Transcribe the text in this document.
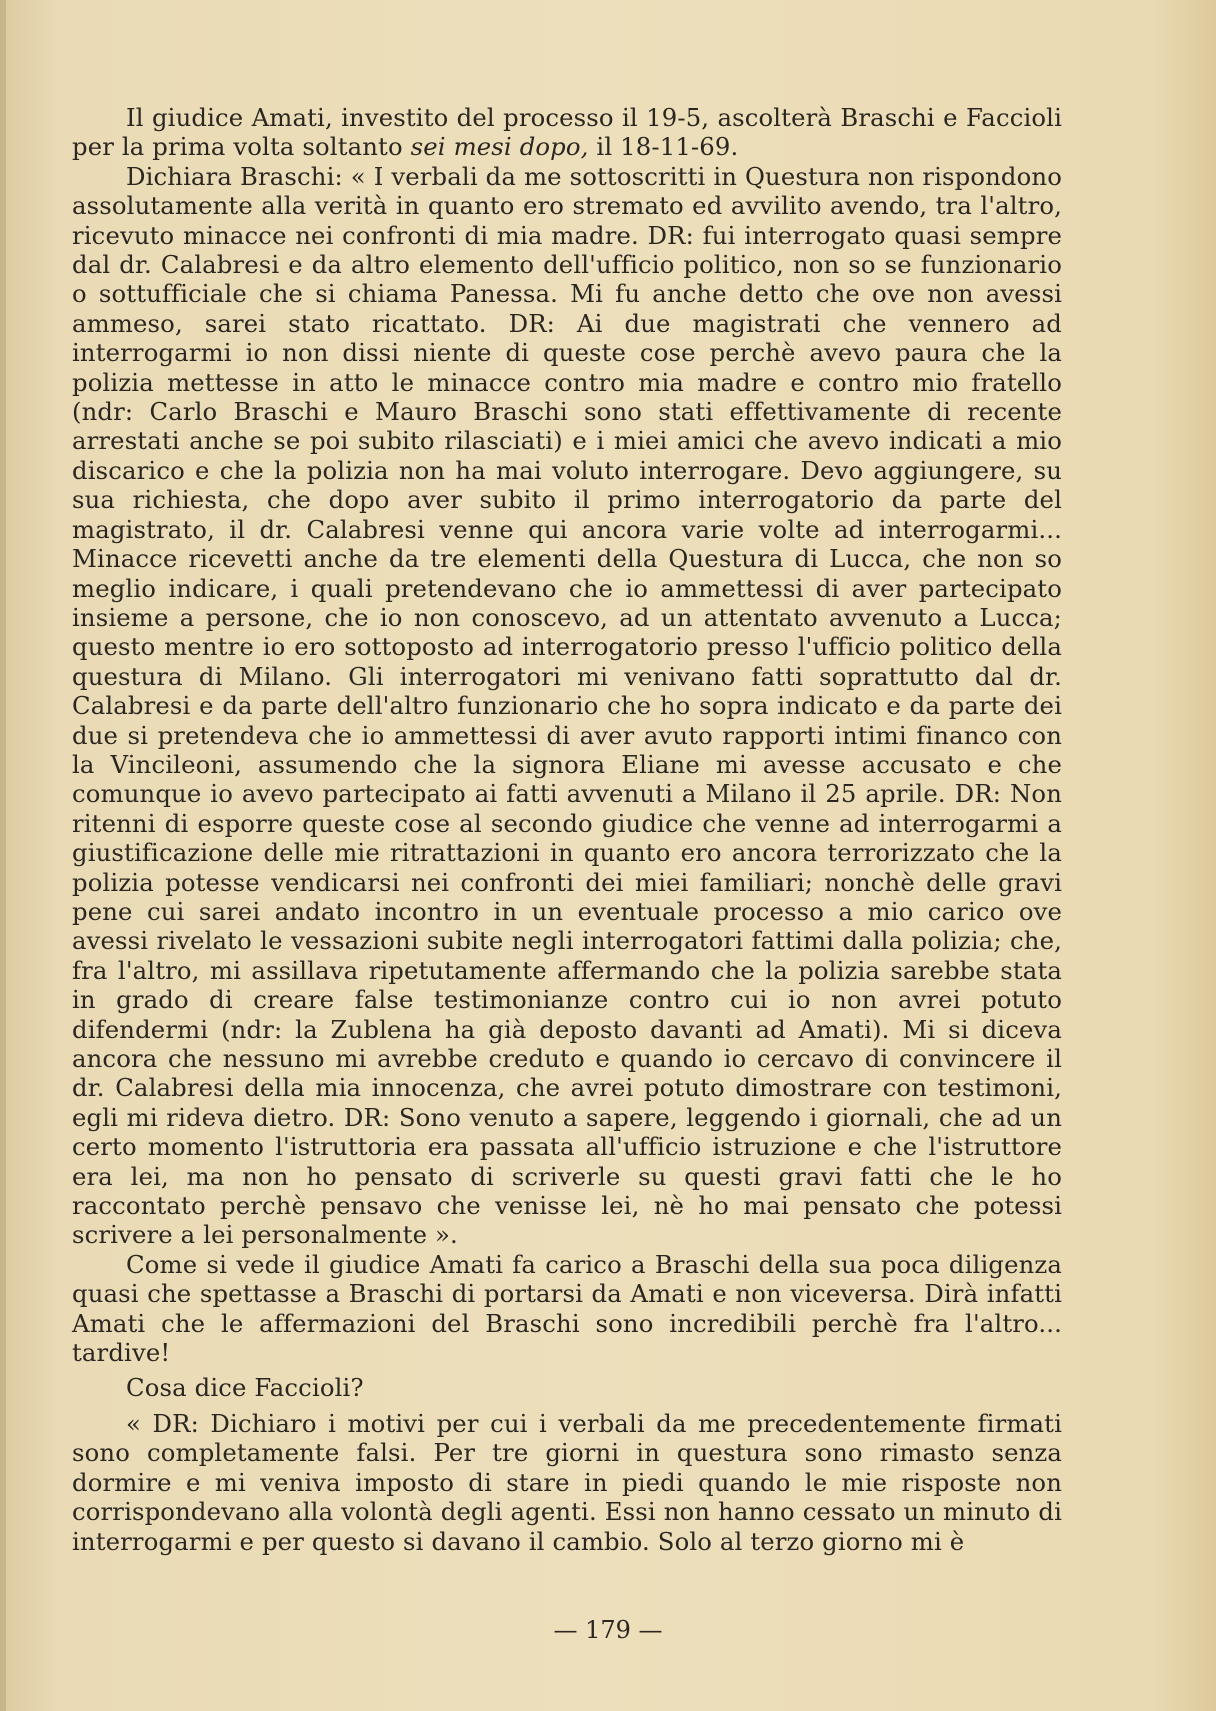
Il giudice Amati, investito del processo il 19-5, ascolterà Braschi e Faccioli per la prima volta soltanto sei mesi dopo, il 18-11-69.

Dichiara Braschi: « I verbali da me sottoscritti in Questura non rispondono assolutamente alla verità in quanto ero stremato ed avvilito avendo, tra l'altro, ricevuto minacce nei confronti di mia madre. DR: fui interrogato quasi sempre dal dr. Calabresi e da altro elemento dell'ufficio politico, non so se funzionario o sottufficiale che si chiama Panessa. Mi fu anche detto che ove non avessi ammeso, sarei stato ricattato. DR: Ai due magistrati che vennero ad interrogarmi io non dissi niente di queste cose perchè avevo paura che la polizia mettesse in atto le minacce contro mia madre e contro mio fratello (ndr: Carlo Braschi e Mauro Braschi sono stati effettivamente di recente arrestati anche se poi subito rilasciati) e i miei amici che avevo indicati a mio discarico e che la polizia non ha mai voluto interrogare. Devo aggiungere, su sua richiesta, che dopo aver subito il primo interrogatorio da parte del magistrato, il dr. Calabresi venne qui ancora varie volte ad interrogarmi... Minacce ricevetti anche da tre elementi della Questura di Lucca, che non so meglio indicare, i quali pretendevano che io ammettessi di aver partecipato insieme a persone, che io non conoscevo, ad un attentato avvenuto a Lucca; questo mentre io ero sottoposto ad interrogatorio presso l'ufficio politico della questura di Milano. Gli interrogatori mi venivano fatti soprattutto dal dr. Calabresi e da parte dell'altro funzionario che ho sopra indicato e da parte dei due si pretendeva che io ammettessi di aver avuto rapporti intimi financo con la Vincileoni, assumendo che la signora Eliane mi avesse accusato e che comunque io avevo partecipato ai fatti avvenuti a Milano il 25 aprile. DR: Non ritenni di esporre queste cose al secondo giudice che venne ad interrogarmi a giustificazione delle mie ritrattazioni in quanto ero ancora terrorizzato che la polizia potesse vendicarsi nei confronti dei miei familiari; nonchè delle gravi pene cui sarei andato incontro in un eventuale processo a mio carico ove avessi rivelato le vessazioni subite negli interrogatori fattimi dalla polizia; che, fra l'altro, mi assillava ripetutamente affermando che la polizia sarebbe stata in grado di creare false testimonianze contro cui io non avrei potuto difendermi (ndr: la Zublena ha già deposto davanti ad Amati). Mi si diceva ancora che nessuno mi avrebbe creduto e quando io cercavo di convincere il dr. Calabresi della mia innocenza, che avrei potuto dimostrare con testimoni, egli mi rideva dietro. DR: Sono venuto a sapere, leggendo i giornali, che ad un certo momento l'istruttoria era passata all'ufficio istruzione e che l'istruttore era lei, ma non ho pensato di scriverle su questi gravi fatti che le ho raccontato perchè pensavo che venisse lei, nè ho mai pensato che potessi scrivere a lei personalmente ».

Come si vede il giudice Amati fa carico a Braschi della sua poca diligenza quasi che spettasse a Braschi di portarsi da Amati e non viceversa. Dirà infatti Amati che le affermazioni del Braschi sono incredibili perchè fra l'altro... tardive!

Cosa dice Faccioli?

« DR: Dichiaro i motivi per cui i verbali da me precedentemente firmati sono completamente falsi. Per tre giorni in questura sono rimasto senza dormire e mi veniva imposto di stare in piedi quando le mie risposte non corrispondevano alla volontà degli agenti. Essi non hanno cessato un minuto di interrogarmi e per questo si davano il cambio. Solo al terzo giorno mi è

— 179 —
